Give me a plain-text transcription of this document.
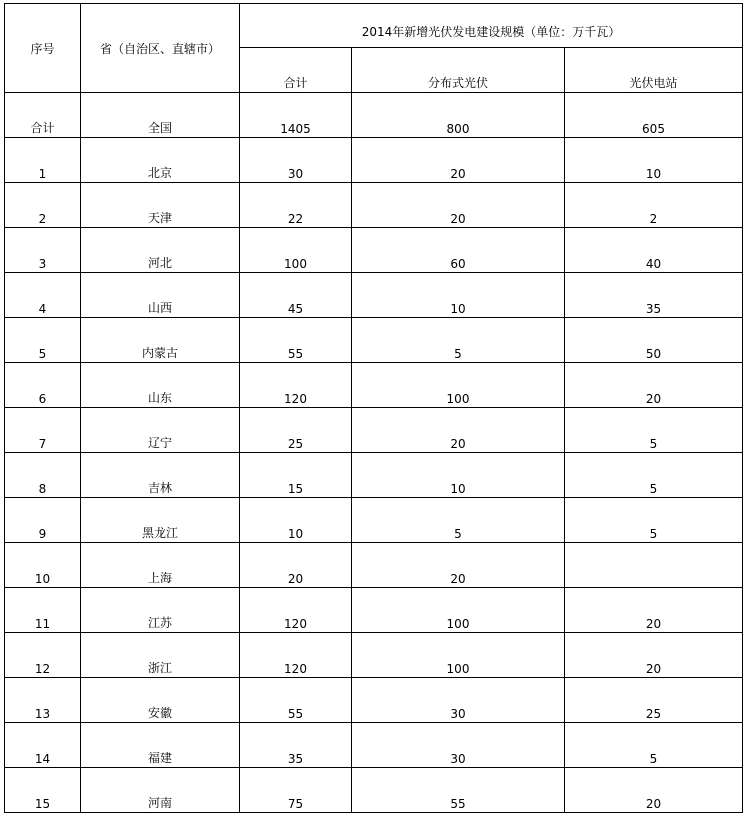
序号	省（自治区、直辖市）	2014年新增光伏发电建设规模（单位：万千瓦）		
		合计	分布式光伏	光伏电站
合计	全国	1405	800	605
1	北京	30	20	10
2	天津	22	20	2
3	河北	100	60	40
4	山西	45	10	35
5	内蒙古	55	5	50
6	山东	120	100	20
7	辽宁	25	20	5
8	吉林	15	10	5
9	黑龙江	10	5	5
10	上海	20	20	
11	江苏	120	100	20
12	浙江	120	100	20
13	安徽	55	30	25
14	福建	35	30	5
15	河南	75	55	20
